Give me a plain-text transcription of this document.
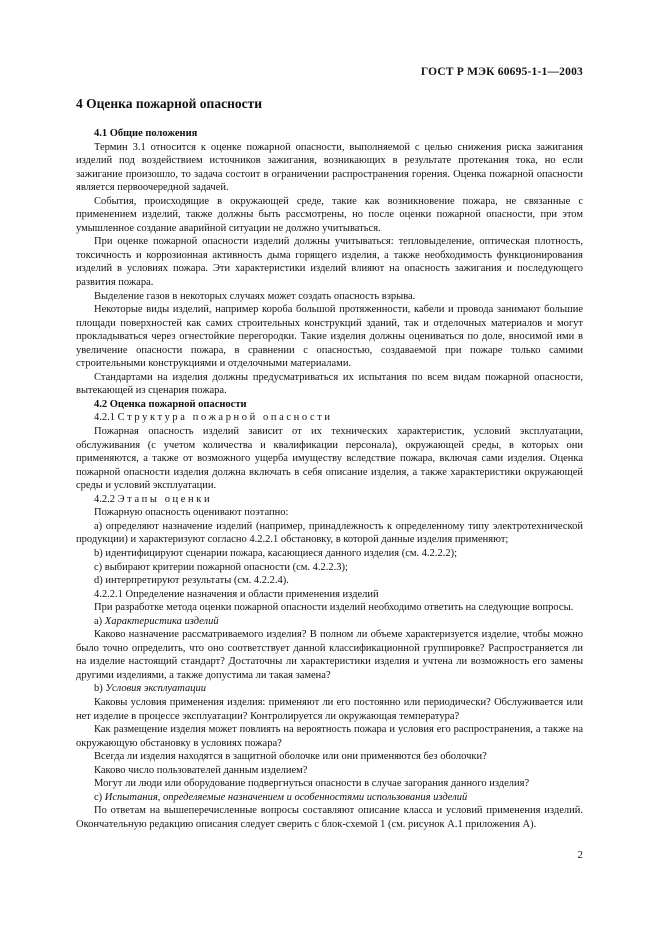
ГОСТ Р МЭК 60695-1-1—2003

4 Оценка пожарной опасности

4.1 Общие положения

Термин 3.1 относится к оценке пожарной опасности, выполняемой с целью снижения риска зажигания изделий под воздействием источников зажигания, возникающих в результате протекания тока, но если зажигание произошло, то задача состоит в ограничении распространения горения. Оценка пожарной опасности является первоочередной задачей.

События, происходящие в окружающей среде, такие как возникновение пожара, не связанные с применением изделий, также должны быть рассмотрены, но после оценки пожарной опасности, при этом умышленное создание аварийной ситуации не должно учитываться.

При оценке пожарной опасности изделий должны учитываться: тепловыделение, оптическая плотность, токсичность и коррозионная активность дыма горящего изделия, а также необходимость функционирования изделий в условиях пожара. Эти характеристики изделий влияют на опасность зажигания и последующего развития пожара.

Выделение газов в некоторых случаях может создать опасность взрыва.

Некоторые виды изделий, например короба большой протяженности, кабели и провода занимают большие площади поверхностей как самих строительных конструкций зданий, так и отделочных материалов и могут прокладываться через огнестойкие перегородки. Такие изделия должны оцениваться по доле, вносимой ими в увеличение опасности пожара, в сравнении с опасностью, создаваемой при пожаре только самими строительными конструкциями и отделочными материалами.

Стандартами на изделия должны предусматриваться их испытания по всем видам пожарной опасности, вытекающей из сценария пожара.

4.2 Оценка пожарной опасности

4.2.1 Структура пожарной опасности

Пожарная опасность изделий зависит от их технических характеристик, условий эксплуатации, обслуживания (с учетом количества и квалификации персонала), окружающей среды, в которых они применяются, а также от возможного ущерба имуществу вследствие пожара, включая сами изделия. Оценка пожарной опасности изделия должна включать в себя описание изделия, а также характеристики окружающей среды и условий эксплуатации.

4.2.2 Этапы оценки

Пожарную опасность оценивают поэтапно:

a) определяют назначение изделий (например, принадлежность к определенному типу электротехнической продукции) и характеризуют согласно 4.2.2.1 обстановку, в которой данные изделия применяют;

b) идентифицируют сценарии пожара, касающиеся данного изделия (см. 4.2.2.2);

c) выбирают критерии пожарной опасности (см. 4.2.2.3);

d) интерпретируют результаты (см. 4.2.2.4).

4.2.2.1 Определение назначения и области применения изделий

При разработке метода оценки пожарной опасности изделий необходимо ответить на следующие вопросы.

a) Характеристика изделий

Каково назначение рассматриваемого изделия? В полном ли объеме характеризуется изделие, чтобы можно было точно определить, что оно соответствует данной классификационной группировке? Распространяется ли на изделие настоящий стандарт? Достаточны ли характеристики изделия и учтена ли возможность его замены другими изделиями, а также допустима ли такая замена?

b) Условия эксплуатации

Каковы условия применения изделия: применяют ли его постоянно или периодически? Обслуживается или нет изделие в процессе эксплуатации? Контролируется ли окружающая температура?

Как размещение изделия может повлиять на вероятность пожара и условия его распространения, а также на окружающую обстановку в условиях пожара?

Всегда ли изделия находятся в защитной оболочке или они применяются без оболочки?

Каково число пользователей данным изделием?

Могут ли люди или оборудование подвергнуться опасности в случае загорания данного изделия?

c) Испытания, определяемые назначением и особенностями использования изделий

По ответам на вышеперечисленные вопросы составляют описание класса и условий применения изделий. Окончательную редакцию описания следует сверить с блок-схемой 1 (см. рисунок А.1 приложения А).

2
